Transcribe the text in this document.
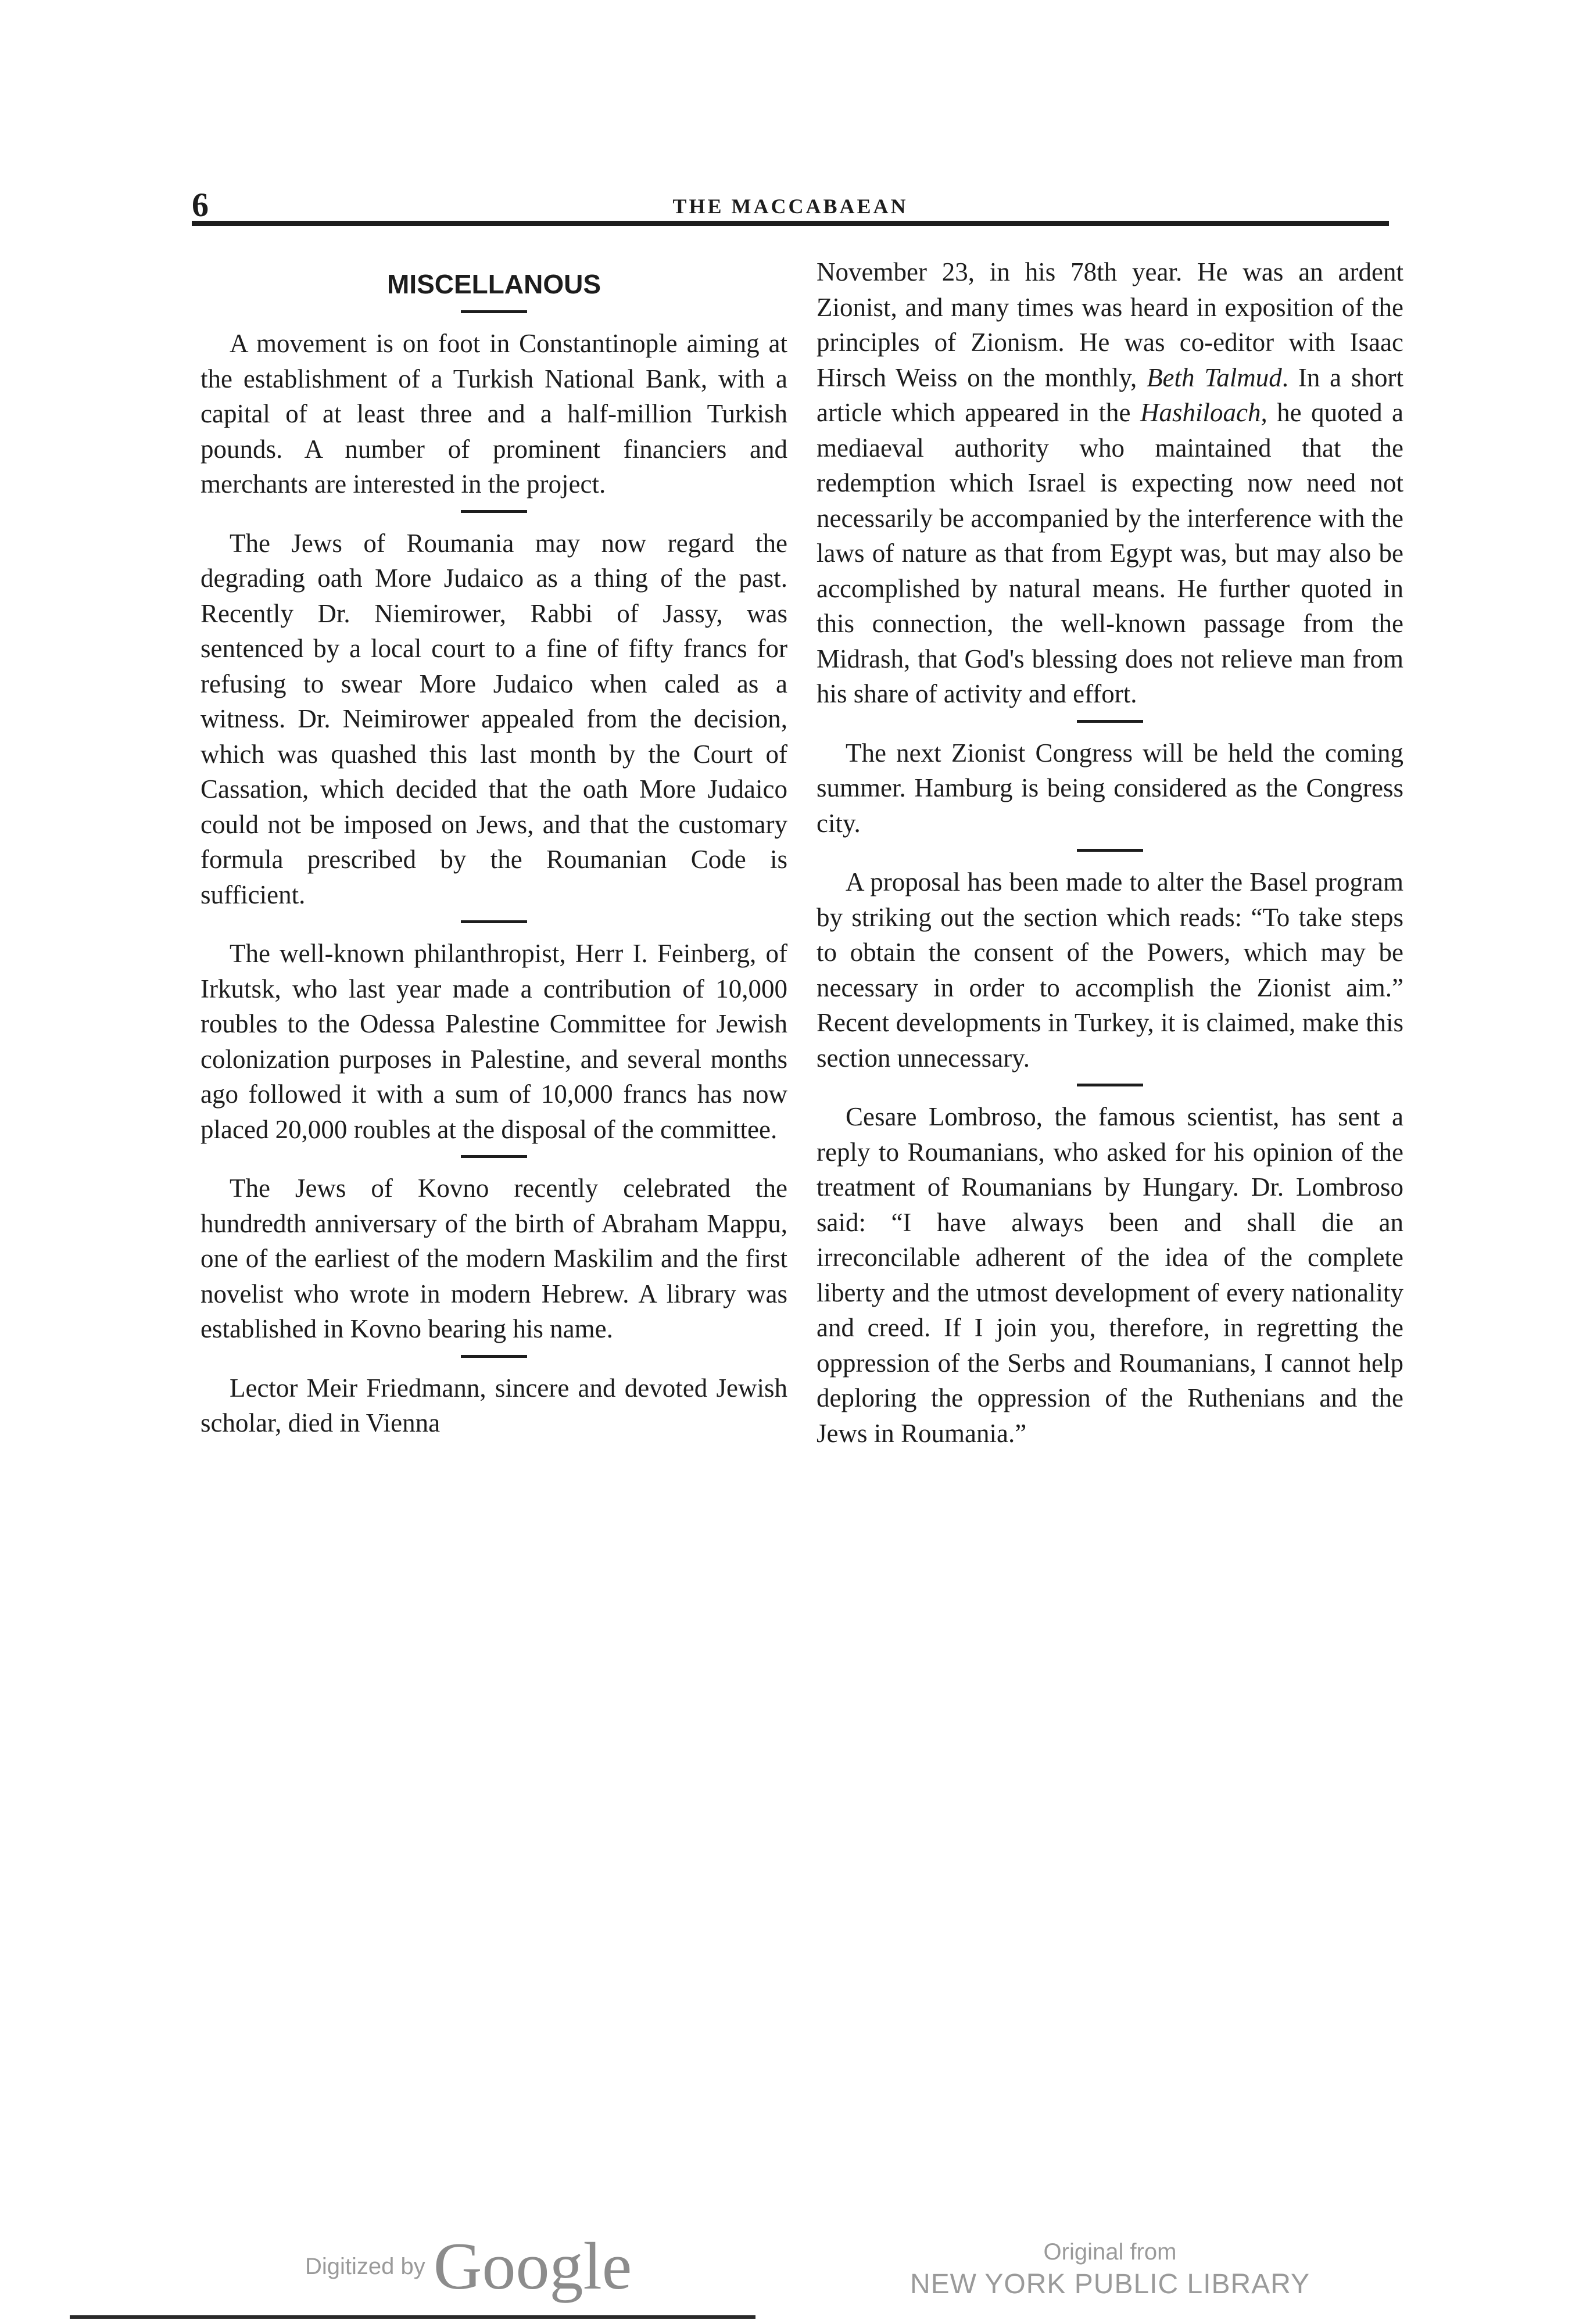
6	THE MACCABAEAN
MISCELLANOUS

A movement is on foot in Constantinople aiming at the establishment of a Turkish National Bank, with a capital of at least three and a half-million Turkish pounds. A number of prominent financiers and merchants are interested in the project.

The Jews of Roumania may now regard the degrading oath More Judaico as a thing of the past. Recently Dr. Niemirower, Rabbi of Jassy, was sentenced by a local court to a fine of fifty francs for refusing to swear More Judaico when caled as a witness. Dr. Neimirower appealed from the decision, which was quashed this last month by the Court of Cassation, which decided that the oath More Judaico could not be imposed on Jews, and that the customary formula prescribed by the Roumanian Code is sufficient.

The well-known philanthropist, Herr I. Feinberg, of Irkutsk, who last year made a contribution of 10,000 roubles to the Odessa Palestine Committee for Jewish colonization purposes in Palestine, and several months ago followed it with a sum of 10,000 francs has now placed 20,000 roubles at the disposal of the committee.

The Jews of Kovno recently celebrated the hundredth anniversary of the birth of Abraham Mappu, one of the earliest of the modern Maskilim and the first novelist who wrote in modern Hebrew. A library was established in Kovno bearing his name.

Lector Meir Friedmann, sincere and devoted Jewish scholar, died in Vienna

November 23, in his 78th year. He was an ardent Zionist, and many times was heard in exposition of the principles of Zionism. He was co-editor with Isaac Hirsch Weiss on the monthly, Beth Talmud. In a short article which appeared in the Hashiloach, he quoted a mediaeval authority who maintained that the redemption which Israel is expecting now need not necessarily be accompanied by the interference with the laws of nature as that from Egypt was, but may also be accomplished by natural means. He further quoted in this connection, the well-known passage from the Midrash, that God's blessing does not relieve man from his share of activity and effort.

The next Zionist Congress will be held the coming summer. Hamburg is being considered as the Congress city.

A proposal has been made to alter the Basel program by striking out the section which reads: “To take steps to obtain the consent of the Powers, which may be necessary in order to accomplish the Zionist aim.” Recent developments in Turkey, it is claimed, make this section unnecessary.

Cesare Lombroso, the famous scientist, has sent a reply to Roumanians, who asked for his opinion of the treatment of Roumanians by Hungary. Dr. Lombroso said: “I have always been and shall die an irreconcilable adherent of the idea of the complete liberty and the utmost development of every nationality and creed. If I join you, therefore, in regretting the oppression of the Serbs and Roumanians, I cannot help deploring the oppression of the Ruthenians and the Jews in Roumania.”

Digitized by Google	Original from
NEW YORK PUBLIC LIBRARY
